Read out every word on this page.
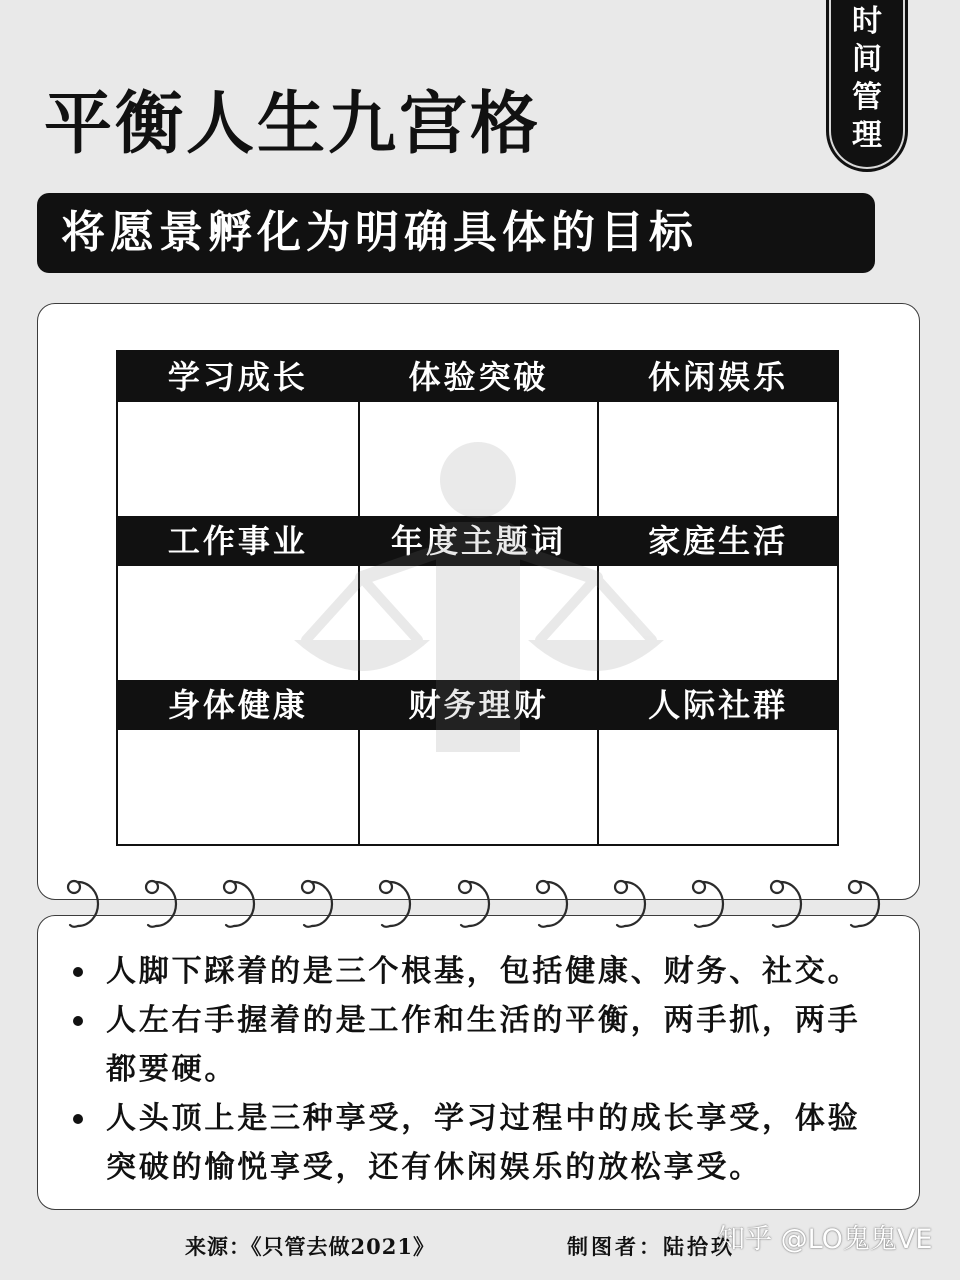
时间管理
平衡人生九宫格
将愿景孵化为明确具体的目标
学习成长	体验突破	休闲娱乐
工作事业	年度主题词	家庭生活
身体健康	财务理财	人际社群
人脚下踩着的是三个根基，包括健康、财务、社交。
人左右手握着的是工作和生活的平衡，两手抓，两手都要硬。
人头顶上是三种享受，学习过程中的成长享受，体验突破的愉悦享受，还有休闲娱乐的放松享受。
来源：《只管去做2021》	制图者：陆拾玖
知乎 @LO鬼鬼VE
